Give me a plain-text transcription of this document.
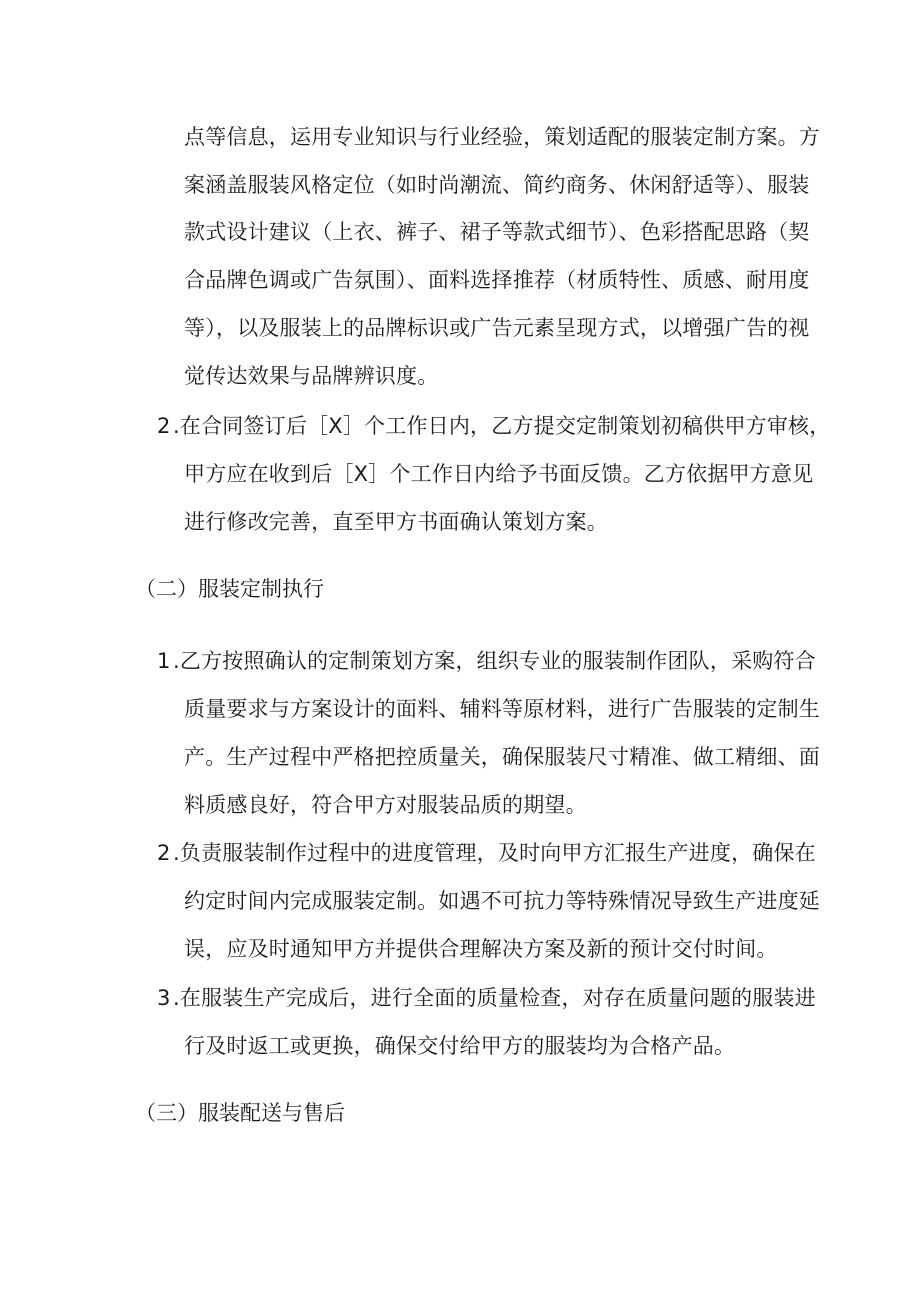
点等信息，运用专业知识与行业经验，策划适配的服装定制方案。方
案涵盖服装风格定位（如时尚潮流、简约商务、休闲舒适等）、服装
款式设计建议（上衣、裤子、裙子等款式细节）、色彩搭配思路（契
合品牌色调或广告氛围）、面料选择推荐（材质特性、质感、耐用度
等），以及服装上的品牌标识或广告元素呈现方式，以增强广告的视
觉传达效果与品牌辨识度。
2 .在合同签订后［X］个工作日内，乙方提交定制策划初稿供甲方审核，
甲方应在收到后［X］个工作日内给予书面反馈。乙方依据甲方意见
进行修改完善，直至甲方书面确认策划方案。
（二）服装定制执行
1 .乙方按照确认的定制策划方案，组织专业的服装制作团队，采购符合
质量要求与方案设计的面料、辅料等原材料，进行广告服装的定制生
产。生产过程中严格把控质量关，确保服装尺寸精准、做工精细、面
料质感良好，符合甲方对服装品质的期望。
2 .负责服装制作过程中的进度管理，及时向甲方汇报生产进度，确保在
约定时间内完成服装定制。如遇不可抗力等特殊情况导致生产进度延
误，应及时通知甲方并提供合理解决方案及新的预计交付时间。
3 .在服装生产完成后，进行全面的质量检查，对存在质量问题的服装进
行及时返工或更换，确保交付给甲方的服装均为合格产品。
（三）服装配送与售后
